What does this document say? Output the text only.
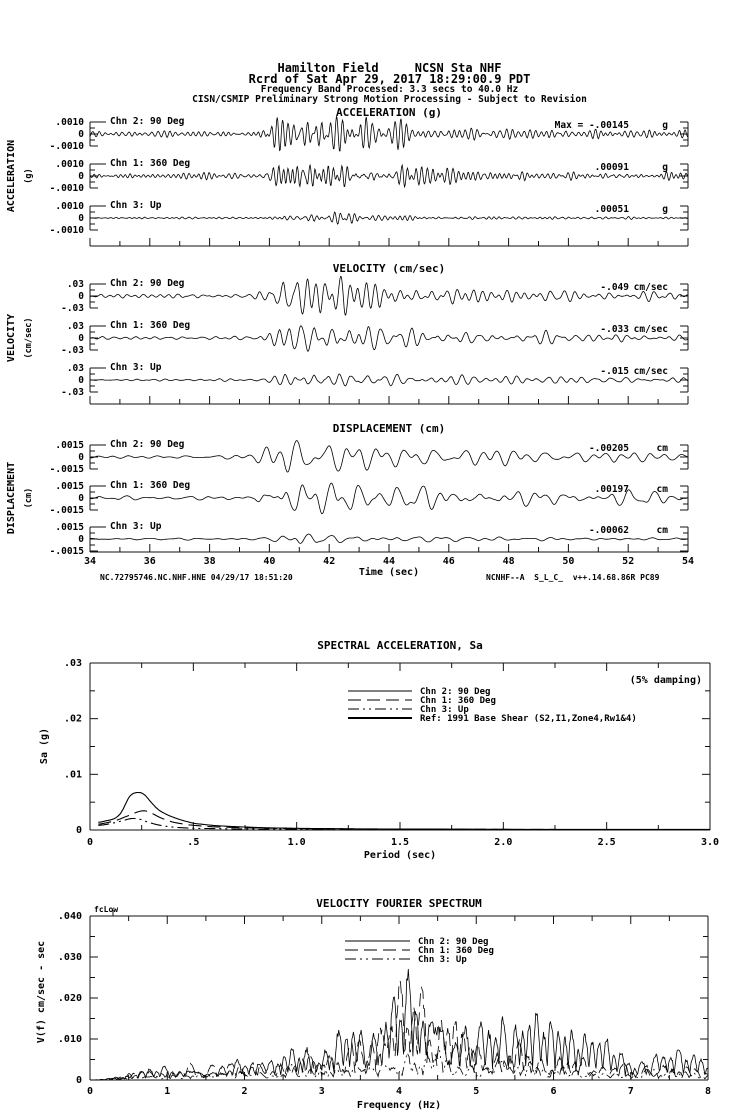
Hamilton Field     NCSN Sta NHF
Rcrd of Sat Apr 29, 2017 18:29:00.9 PDT
Frequency Band Processed: 3.3 secs to 40.0 Hz
CISN/CSMIP Preliminary Strong Motion Processing - Subject to Revision
ACCELERATION (g)
ACCELERATION (g)
.0010
0
-.0010
Chn 2: 90 Deg	Max = -.00145	g
.0010
0
-.0010
Chn 1: 360 Deg	.00091	g
.0010
0
-.0010
Chn 3: Up	.00051	g
VELOCITY (cm/sec)
VELOCITY (cm/sec)
.03
0
-.03
Chn 2: 90 Deg	-.049 cm/sec
.03
0
-.03
Chn 1: 360 Deg	-.033 cm/sec
.03
0
-.03
Chn 3: Up	-.015 cm/sec
DISPLACEMENT (cm)
DISPLACEMENT (cm)
.0015
0
-.0015
Chn 2: 90 Deg	-.00205	cm
.0015
0
-.0015
Chn 1: 360 Deg	.00197	cm
.0015
0
-.0015
Chn 3: Up	-.00062	cm
34	36	38	40	42	44	46	48	50	52	54
Time (sec)
SPECTRAL ACCELERATION, Sa
0	.5	1.0	1.5	2.0	2.5	3.0
0
.01
.02
.03
Period (sec)
Sa (g)
(5% damping)
Chn 2: 90 Deg
Chn 1: 360 Deg
Chn 3: Up
Ref: 1991 Base Shear (S2,I1,Zone4,Rw1&4)
VELOCITY FOURIER SPECTRUM
0	1	2	3	4	5	6	7	8
0
.010
.020
.030
.040
Frequency (Hz)
V(f) cm/sec - sec
fcLow
Chn 2: 90 Deg
Chn 1: 360 Deg
Chn 3: Up
NC.72795746.NC.NHF.HNE 04/29/17 18:51:20	NCNHF--A  S_L_C_  v++.14.68.86R PC89
